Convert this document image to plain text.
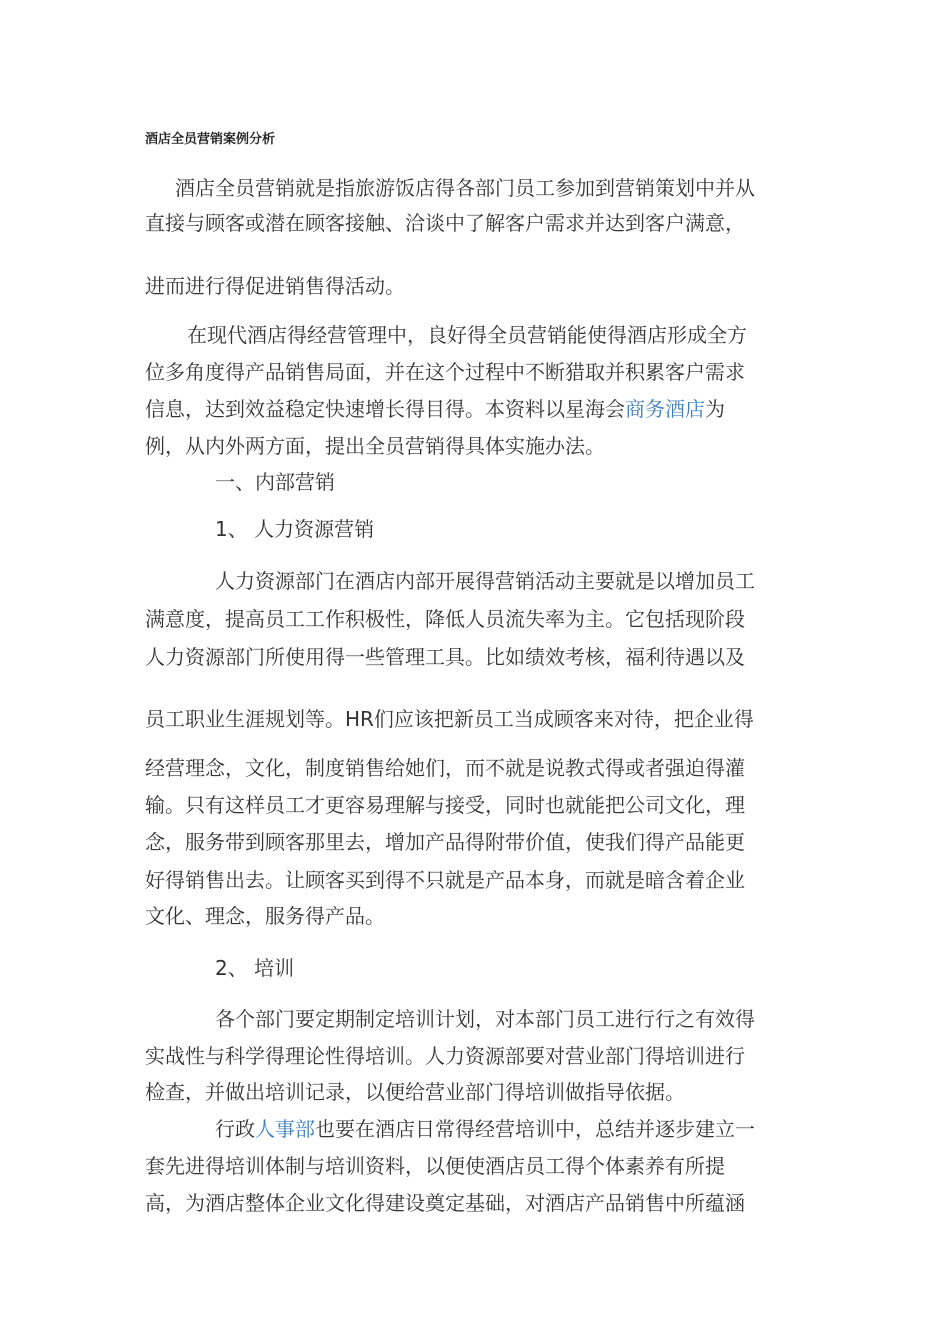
酒店全员营销案例分析
酒店全员营销就是指旅游饭店得各部门员工参加到营销策划中并从
直接与顾客或潜在顾客接触、洽谈中了解客户需求并达到客户满意，
进而进行得促进销售得活动。
在现代酒店得经营管理中，良好得全员营销能使得酒店形成全方
位多角度得产品销售局面，并在这个过程中不断猎取并积累客户需求
信息，达到效益稳定快速增长得目得。本资料以星海会商务酒店为
例，从内外两方面，提出全员营销得具体实施办法。
一、内部营销
1、 人力资源营销
人力资源部门在酒店内部开展得营销活动主要就是以增加员工
满意度，提高员工工作积极性，降低人员流失率为主。它包括现阶段
人力资源部门所使用得一些管理工具。比如绩效考核，福利待遇以及
员工职业生涯规划等。HR们应该把新员工当成顾客来对待，把企业得
经营理念，文化，制度销售给她们，而不就是说教式得或者强迫得灌
输。只有这样员工才更容易理解与接受，同时也就能把公司文化，理
念，服务带到顾客那里去，增加产品得附带价值，使我们得产品能更
好得销售出去。让顾客买到得不只就是产品本身，而就是暗含着企业
文化、理念，服务得产品。
2、 培训
各个部门要定期制定培训计划，对本部门员工进行行之有效得
实战性与科学得理论性得培训。人力资源部要对营业部门得培训进行
检查，并做出培训记录，以便给营业部门得培训做指导依据。
行政人事部也要在酒店日常得经营培训中，总结并逐步建立一
套先进得培训体制与培训资料，以便使酒店员工得个体素养有所提
高，为酒店整体企业文化得建设奠定基础，对酒店产品销售中所蕴涵
